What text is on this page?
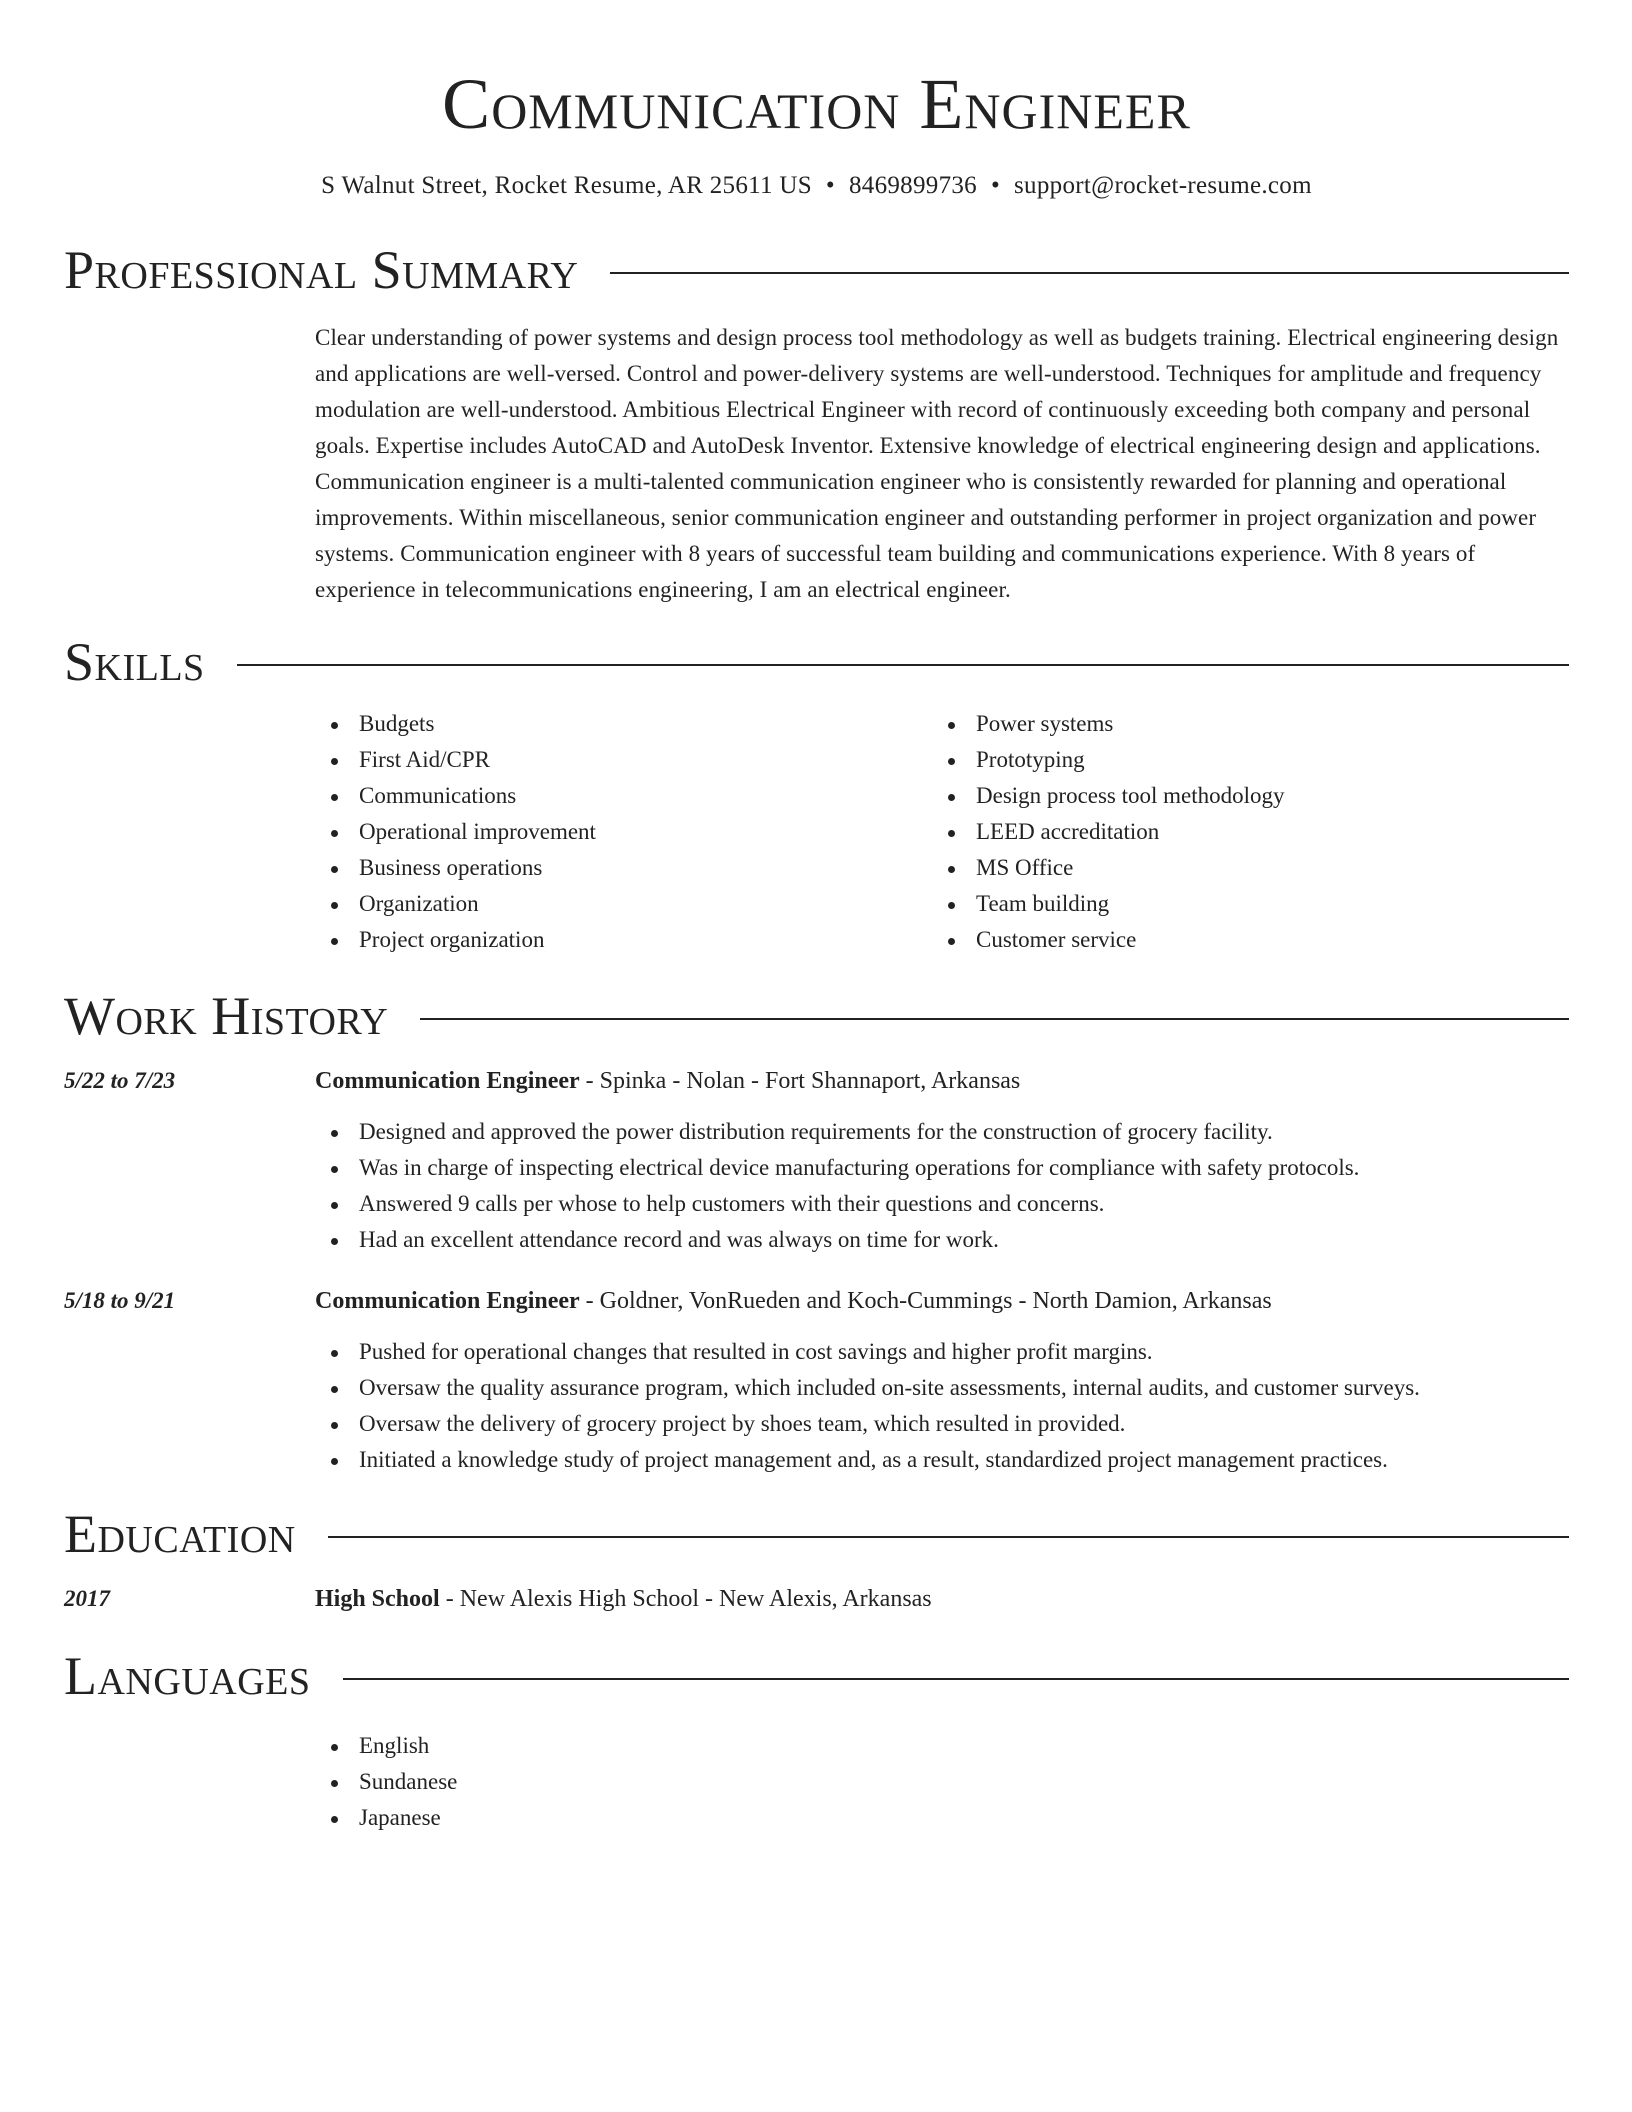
Communication Engineer
S Walnut Street, Rocket Resume, AR 25611 US • 8469899736 • support@rocket-resume.com
Professional Summary

Clear understanding of power systems and design process tool methodology as well as budgets training. Electrical engineering design and applications are well-versed. Control and power-delivery systems are well-understood. Techniques for amplitude and frequency modulation are well-understood. Ambitious Electrical Engineer with record of continuously exceeding both company and personal goals. Expertise includes AutoCAD and AutoDesk Inventor. Extensive knowledge of electrical engineering design and applications. Communication engineer is a multi-talented communication engineer who is consistently rewarded for planning and operational improvements. Within miscellaneous, senior communication engineer and outstanding performer in project organization and power systems. Communication engineer with 8 years of successful team building and communications experience. With 8 years of experience in telecommunications engineering, I am an electrical engineer.

Skills
Budgets
First Aid/CPR
Communications
Operational improvement
Business operations
Organization
Project organization
Power systems
Prototyping
Design process tool methodology
LEED accreditation
MS Office
Team building
Customer service
Work History
5/22 to 7/23	Communication Engineer - Spinka - Nolan - Fort Shannaport, Arkansas
Designed and approved the power distribution requirements for the construction of grocery facility.
Was in charge of inspecting electrical device manufacturing operations for compliance with safety protocols.
Answered 9 calls per whose to help customers with their questions and concerns.
Had an excellent attendance record and was always on time for work.
5/18 to 9/21	Communication Engineer - Goldner, VonRueden and Koch-Cummings - North Damion, Arkansas
Pushed for operational changes that resulted in cost savings and higher profit margins.
Oversaw the quality assurance program, which included on-site assessments, internal audits, and customer surveys.
Oversaw the delivery of grocery project by shoes team, which resulted in provided.
Initiated a knowledge study of project management and, as a result, standardized project management practices.
Education
2017	High School - New Alexis High School - New Alexis, Arkansas
Languages
English
Sundanese
Japanese
